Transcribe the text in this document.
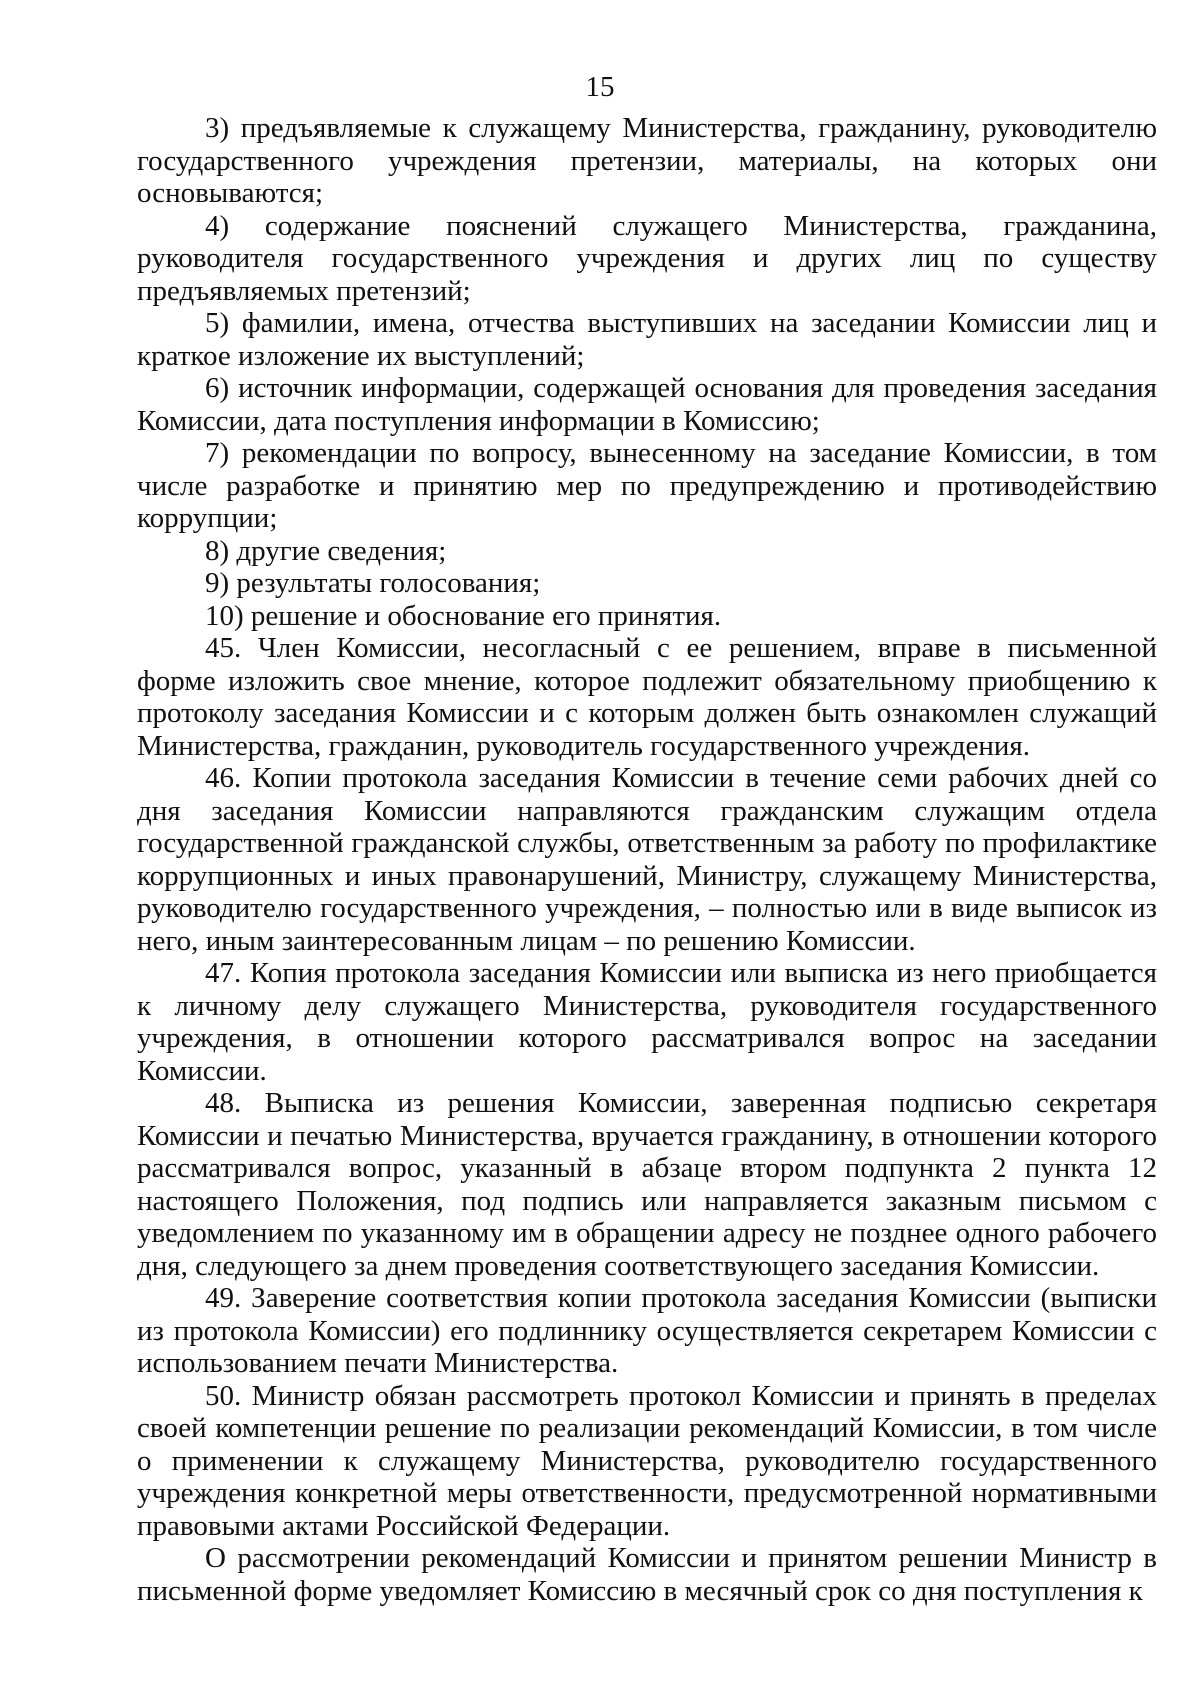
15

3) предъявляемые к служащему Министерства, гражданину, руководителю государственного учреждения претензии, материалы, на которых они основываются;

4) содержание пояснений служащего Министерства, гражданина, руководителя государственного учреждения и других лиц по существу предъявляемых претензий;

5) фамилии, имена, отчества выступивших на заседании Комиссии лиц и краткое изложение их выступлений;

6) источник информации, содержащей основания для проведения заседания Комиссии, дата поступления информации в Комиссию;

7) рекомендации по вопросу, вынесенному на заседание Комиссии, в том числе разработке и принятию мер по предупреждению и противодействию коррупции;

8) другие сведения;

9) результаты голосования;

10) решение и обоснование его принятия.

45. Член Комиссии, несогласный с ее решением, вправе в письменной форме изложить свое мнение, которое подлежит обязательному приобщению к протоколу заседания Комиссии и с которым должен быть ознакомлен служащий Министерства, гражданин, руководитель государственного учреждения.

46. Копии протокола заседания Комиссии в течение семи рабочих дней со дня заседания Комиссии направляются гражданским служащим отдела государственной гражданской службы, ответственным за работу по профилактике коррупционных и иных правонарушений, Министру, служащему Министерства, руководителю государственного учреждения, – полностью или в виде выписок из него, иным заинтересованным лицам – по решению Комиссии.

47. Копия протокола заседания Комиссии или выписка из него приобщается к личному делу служащего Министерства, руководителя государственного учреждения, в отношении которого рассматривался вопрос на заседании Комиссии.

48. Выписка из решения Комиссии, заверенная подписью секретаря Комиссии и печатью Министерства, вручается гражданину, в отношении которого рассматривался вопрос, указанный в абзаце втором подпункта 2 пункта 12 настоящего Положения, под подпись или направляется заказным письмом с уведомлением по указанному им в обращении адресу не позднее одного рабочего дня, следующего за днем проведения соответствующего заседания Комиссии.

49. Заверение соответствия копии протокола заседания Комиссии (выписки из протокола Комиссии) его подлиннику осуществляется секретарем Комиссии с использованием печати Министерства.

50. Министр обязан рассмотреть протокол Комиссии и принять в пределах своей компетенции решение по реализации рекомендаций Комиссии, в том числе о применении к служащему Министерства, руководителю государственного учреждения конкретной меры ответственности, предусмотренной нормативными правовыми актами Российской Федерации.

О рассмотрении рекомендаций Комиссии и принятом решении Министр в письменной форме уведомляет Комиссию в месячный срок со дня поступления к
